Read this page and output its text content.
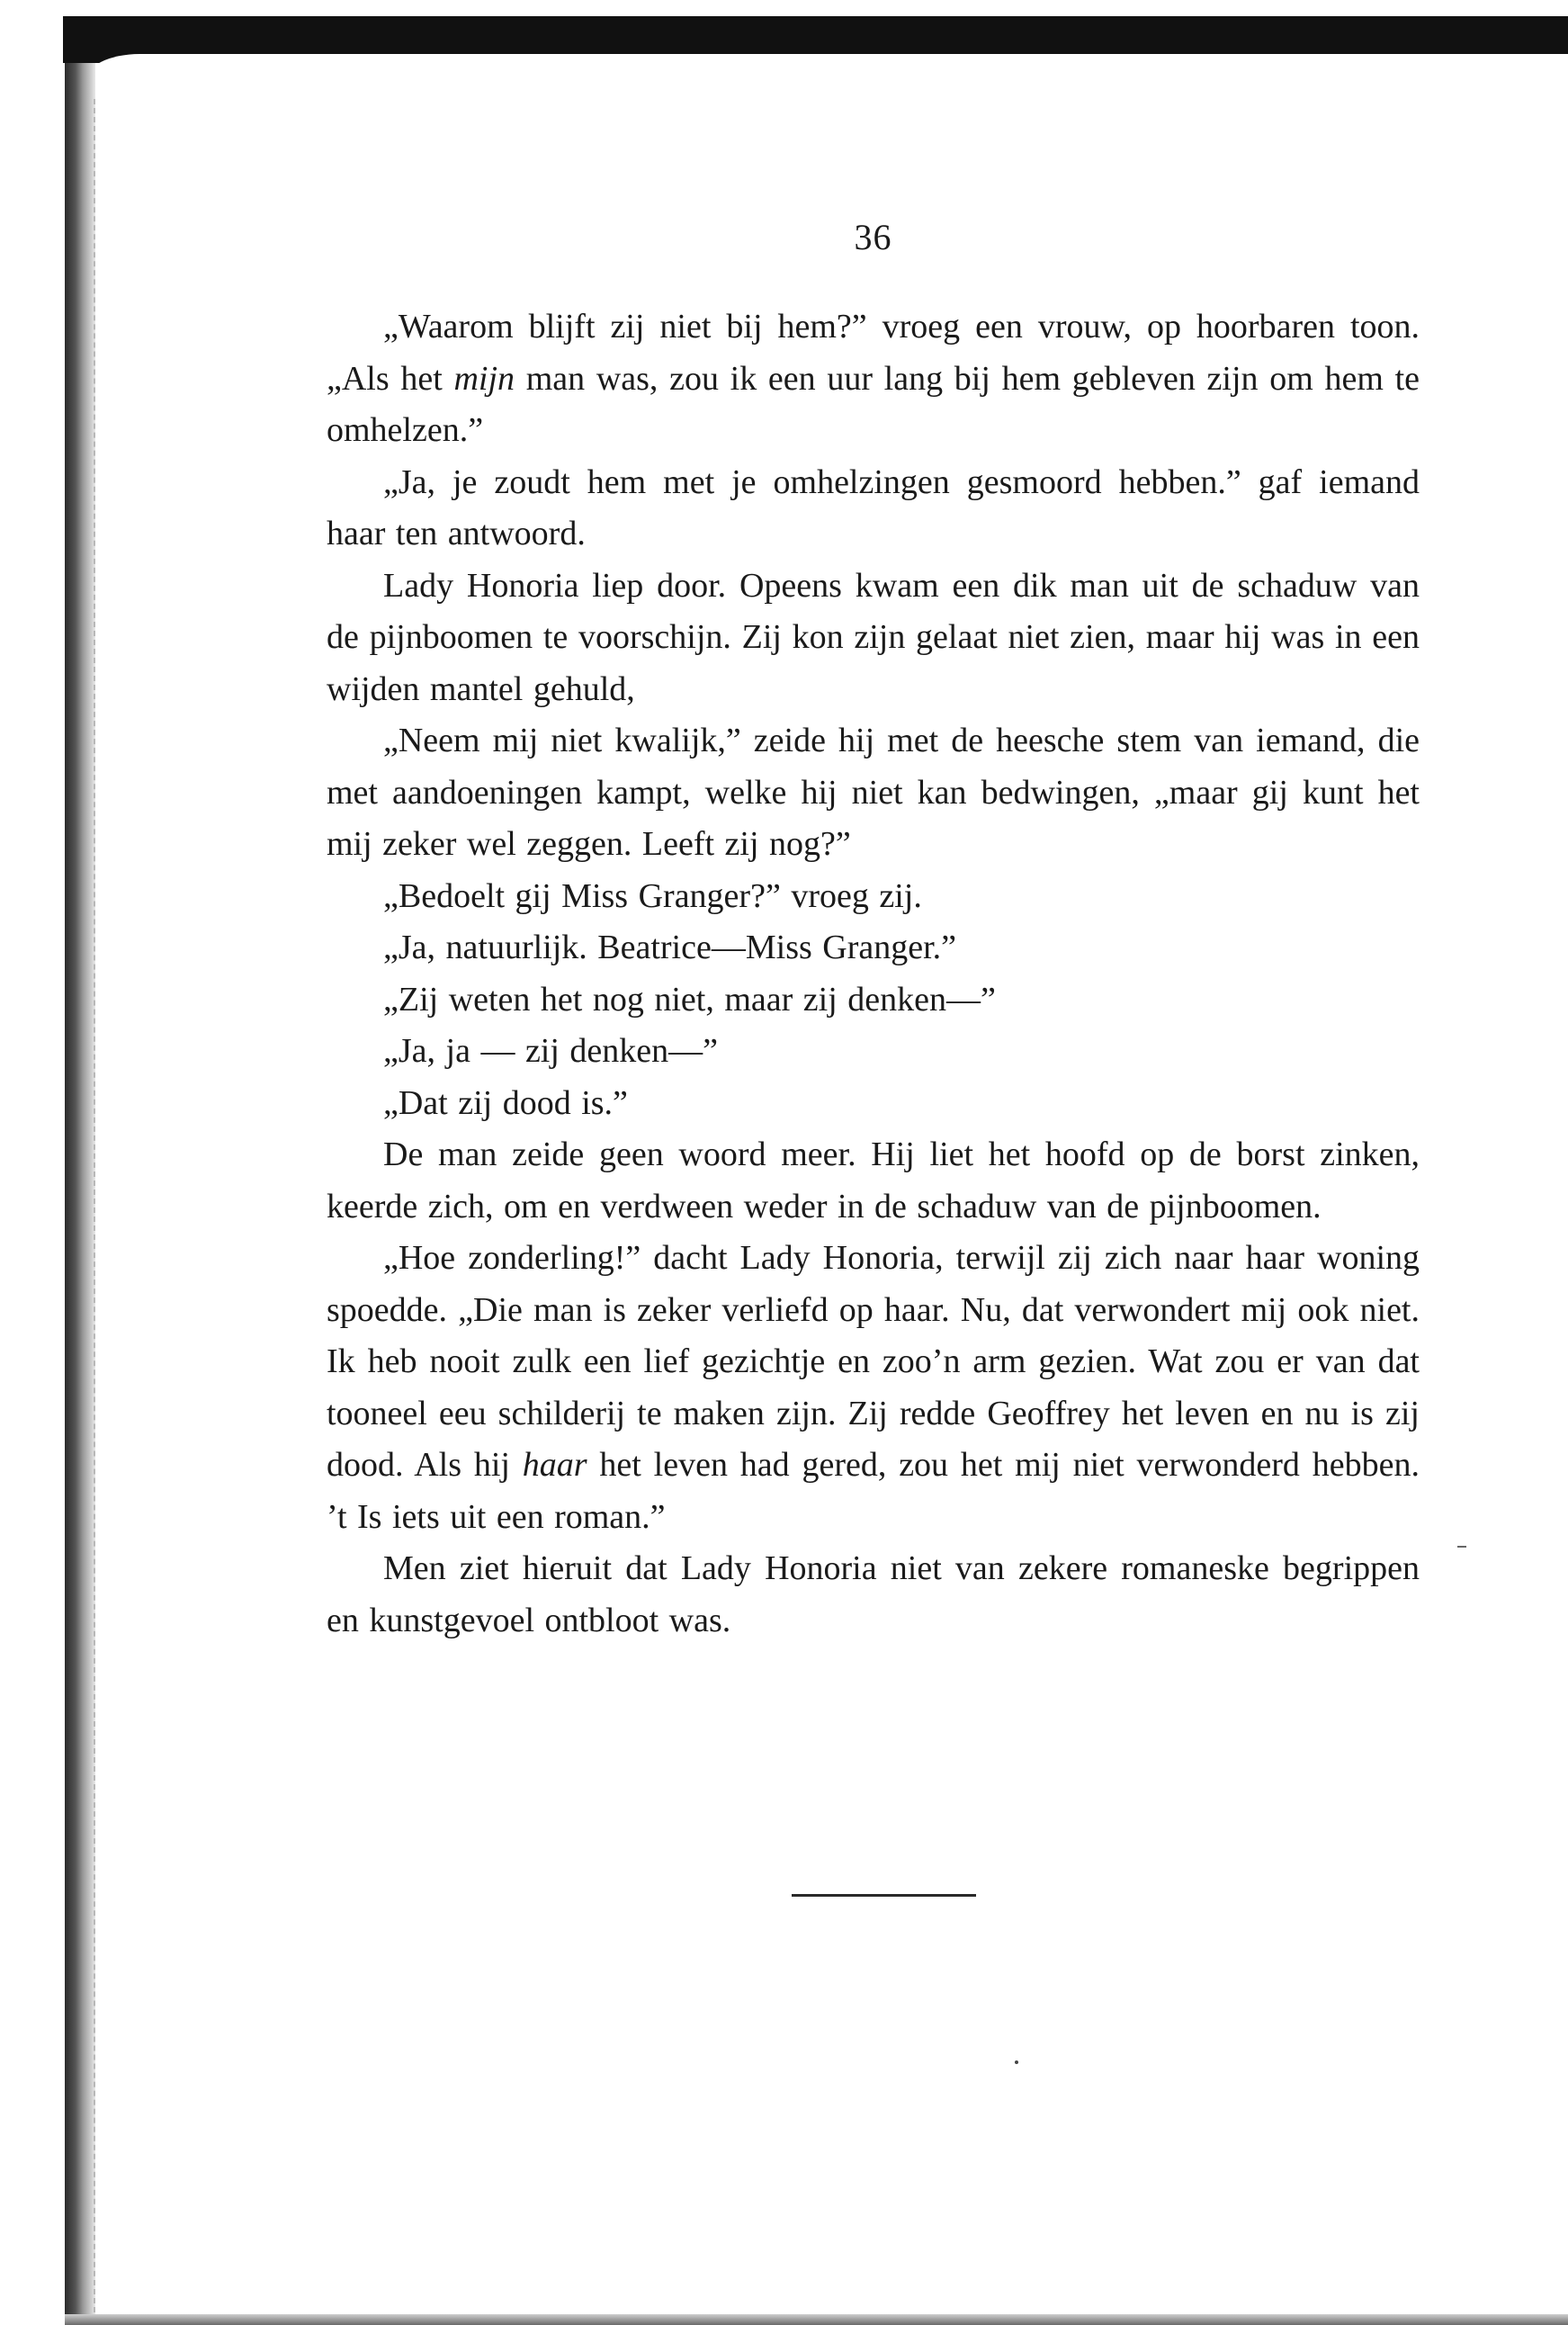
36

„Waarom blijft zij niet bij hem?” vroeg een vrouw, op hoorbaren toon. „Als het mijn man was, zou ik een uur lang bij hem gebleven zijn om hem te omhelzen.”

„Ja, je zoudt hem met je omhelzingen gesmoord hebben.” gaf iemand haar ten antwoord.

Lady Honoria liep door. Opeens kwam een dik man uit de schaduw van de pijnboomen te voorschijn. Zij kon zijn gelaat niet zien, maar hij was in een wijden mantel gehuld,

„Neem mij niet kwalijk,” zeide hij met de heesche stem van iemand, die met aandoeningen kampt, welke hij niet kan bedwingen, „maar gij kunt het mij zeker wel zeggen. Leeft zij nog?”

„Bedoelt gij Miss Granger?” vroeg zij.

„Ja, natuurlijk. Beatrice—Miss Granger.”

„Zij weten het nog niet, maar zij denken—”

„Ja, ja — zij denken—”

„Dat zij dood is.”

De man zeide geen woord meer. Hij liet het hoofd op de borst zinken, keerde zich, om en verdween weder in de schaduw van de pijnboomen.

„Hoe zonderling!” dacht Lady Honoria, terwijl zij zich naar haar woning spoedde. „Die man is zeker verliefd op haar. Nu, dat verwondert mij ook niet. Ik heb nooit zulk een lief gezichtje en zoo’n arm gezien. Wat zou er van dat tooneel eeu schilderij te maken zijn. Zij redde Geoffrey het leven en nu is zij dood. Als hij haar het leven had gered, zou het mij niet verwonderd hebben. ’t Is iets uit een roman.”

Men ziet hieruit dat Lady Honoria niet van zekere romaneske begrippen en kunstgevoel ontbloot was.
